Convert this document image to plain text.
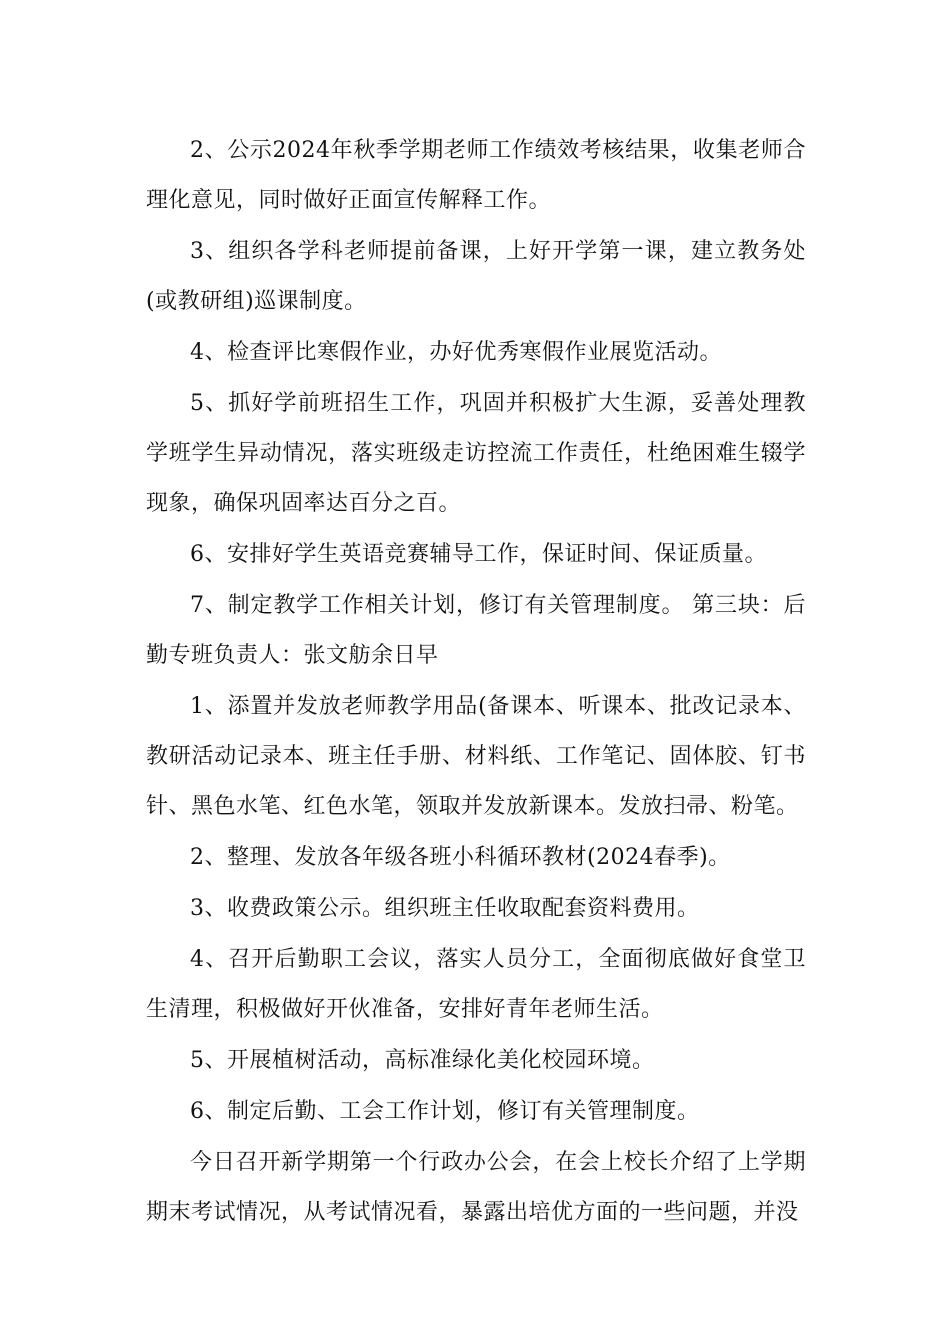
2、公示2024年秋季学期老师工作绩效考核结果，收集老师合理化意见，同时做好正面宣传解释工作。

3、组织各学科老师提前备课，上好开学第一课，建立教务处(或教研组)巡课制度。

4、检查评比寒假作业，办好优秀寒假作业展览活动。

5、抓好学前班招生工作，巩固并积极扩大生源，妥善处理教学班学生异动情况，落实班级走访控流工作责任，杜绝困难生辍学现象，确保巩固率达百分之百。

6、安排好学生英语竞赛辅导工作，保证时间、保证质量。

7、制定教学工作相关计划，修订有关管理制度。 第三块：后勤专班负责人：张文舫余日早

1、添置并发放老师教学用品(备课本、听课本、批改记录本、教研活动记录本、班主任手册、材料纸、工作笔记、固体胶、钉书针、黑色水笔、红色水笔，领取并发放新课本。发放扫帚、粉笔。

2、整理、发放各年级各班小科循环教材(2024春季)。

3、收费政策公示。组织班主任收取配套资料费用。

4、召开后勤职工会议，落实人员分工，全面彻底做好食堂卫生清理，积极做好开伙准备，安排好青年老师生活。

5、开展植树活动，高标准绿化美化校园环境。

6、制定后勤、工会工作计划，修订有关管理制度。

今日召开新学期第一个行政办公会，在会上校长介绍了上学期期末考试情况，从考试情况看，暴露出培优方面的一些问题，并没
